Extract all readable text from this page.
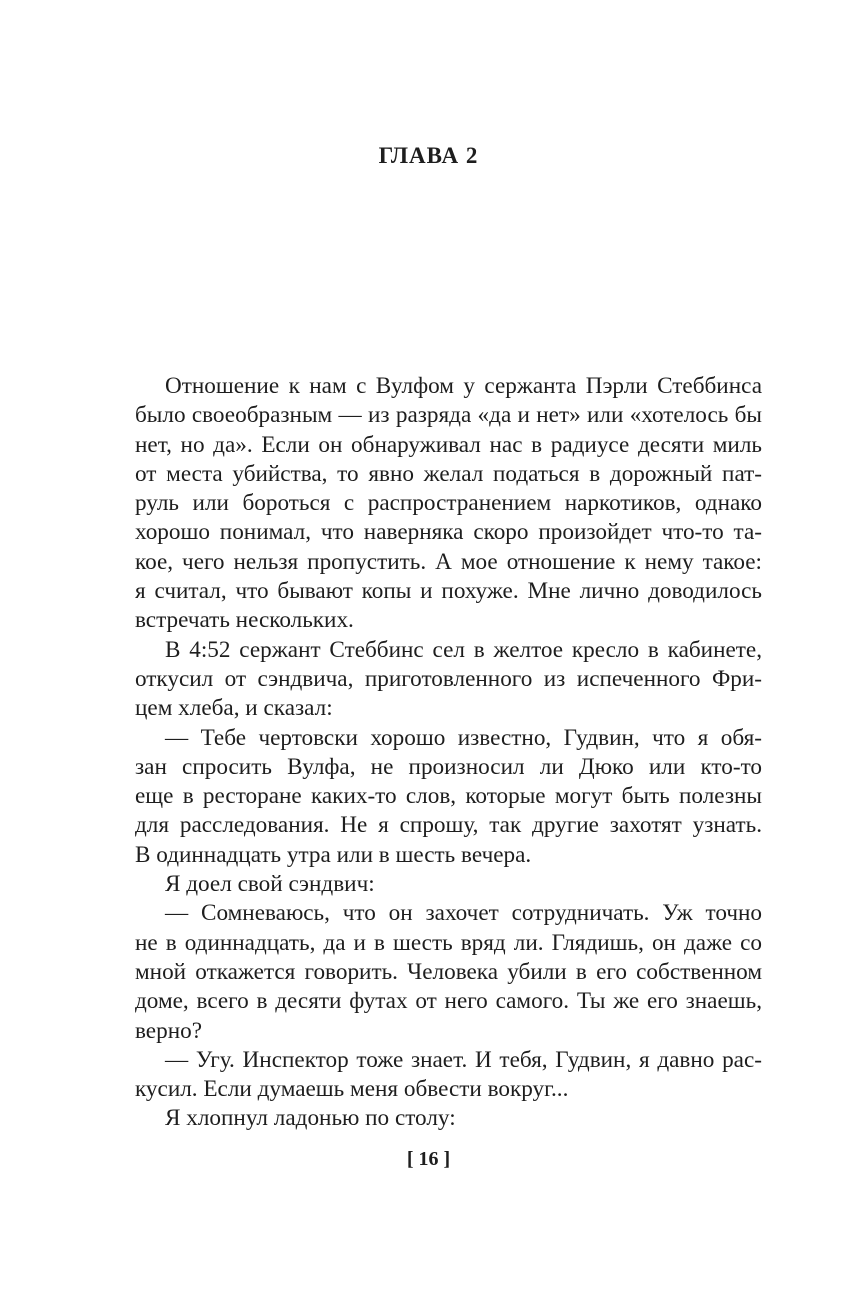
ГЛАВА 2
Отношение к нам с Вулфом у сержанта Пэрли Стеббинса
было своеобразным — из разряда «да и нет» или «хотелось бы
нет, но да». Если он обнаруживал нас в радиусе десяти миль
от места убийства, то явно желал податься в дорожный пат-
руль или бороться с распространением наркотиков, однако
хорошо понимал, что наверняка скоро произойдет что-то та-
кое, чего нельзя пропустить. А мое отношение к нему такое:
я считал, что бывают копы и похуже. Мне лично доводилось
встречать нескольких.
В 4:52 сержант Стеббинс сел в желтое кресло в кабинете,
откусил от сэндвича, приготовленного из испеченного Фри-
цем хлеба, и сказал:
— Тебе чертовски хорошо известно, Гудвин, что я обя-
зан спросить Вулфа, не произносил ли Дюко или кто-то
еще в ресторане каких-то слов, которые могут быть полезны
для расследования. Не я спрошу, так другие захотят узнать.
В одиннадцать утра или в шесть вечера.
Я доел свой сэндвич:
— Сомневаюсь, что он захочет сотрудничать. Уж точно
не в одиннадцать, да и в шесть вряд ли. Глядишь, он даже со
мной откажется говорить. Человека убили в его собственном
доме, всего в десяти футах от него самого. Ты же его знаешь,
верно?
— Угу. Инспектор тоже знает. И тебя, Гудвин, я давно рас-
кусил. Если думаешь меня обвести вокруг...
Я хлопнул ладонью по столу:
[ 16 ]
